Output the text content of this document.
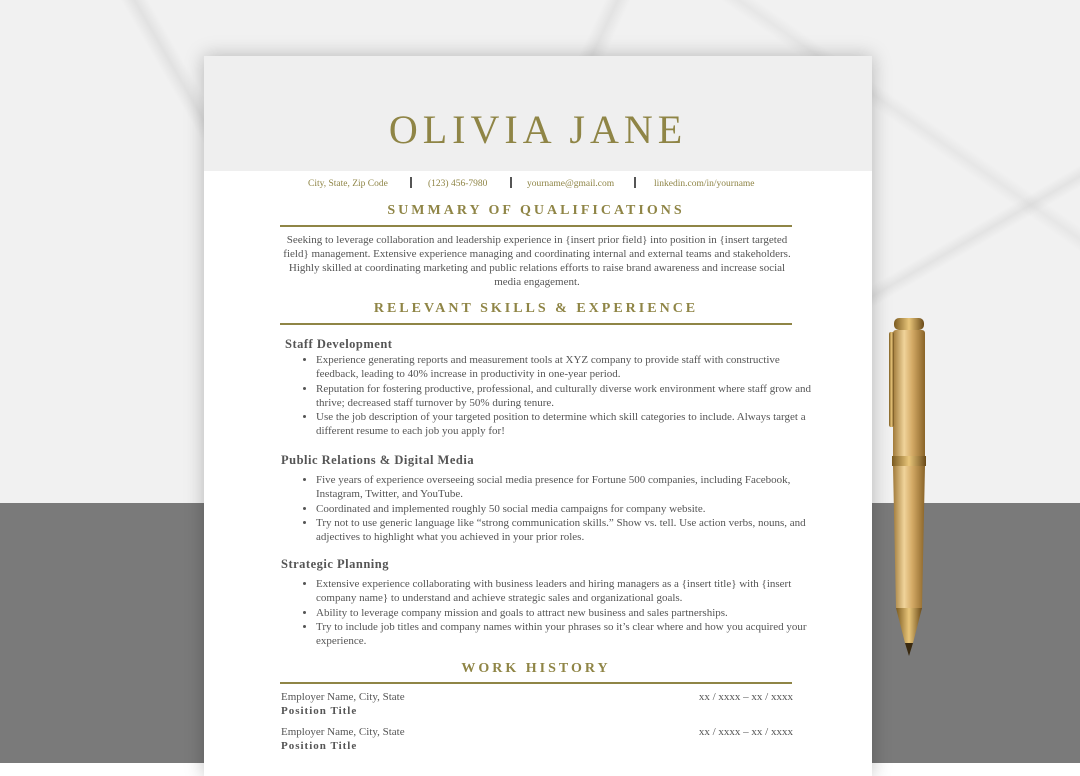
OLIVIA JANE
City, State, Zip Code	(123) 456-7980	yourname@gmail.com	linkedin.com/in/yourname
SUMMARY OF QUALIFICATIONS
Seeking to leverage collaboration and leadership experience in {insert prior field} into position in {insert targeted field} management. Extensive experience managing and coordinating internal and external teams and stakeholders. Highly skilled at coordinating marketing and public relations efforts to raise brand awareness and increase social media engagement.
RELEVANT SKILLS & EXPERIENCE
Staff Development
• Experience generating reports and measurement tools at XYZ company to provide staff with constructive feedback, leading to 40% increase in productivity in one-year period.
• Reputation for fostering productive, professional, and culturally diverse work environment where staff grow and thrive; decreased staff turnover by 50% during tenure.
• Use the job description of your targeted position to determine which skill categories to include. Always target a different resume to each job you apply for!
Public Relations & Digital Media
• Five years of experience overseeing social media presence for Fortune 500 companies, including Facebook, Instagram, Twitter, and YouTube.
• Coordinated and implemented roughly 50 social media campaigns for company website.
• Try not to use generic language like “strong communication skills.” Show vs. tell. Use action verbs, nouns, and adjectives to highlight what you achieved in your prior roles.
Strategic Planning
• Extensive experience collaborating with business leaders and hiring managers as a {insert title} with {insert company name} to understand and achieve strategic sales and organizational goals.
• Ability to leverage company mission and goals to attract new business and sales partnerships.
• Try to include job titles and company names within your phrases so it’s clear where and how you acquired your experience.
WORK HISTORY
Employer Name, City, State	xx / xxxx – xx / xxxx
Position Title
Employer Name, City, State	xx / xxxx – xx / xxxx
Position Title
